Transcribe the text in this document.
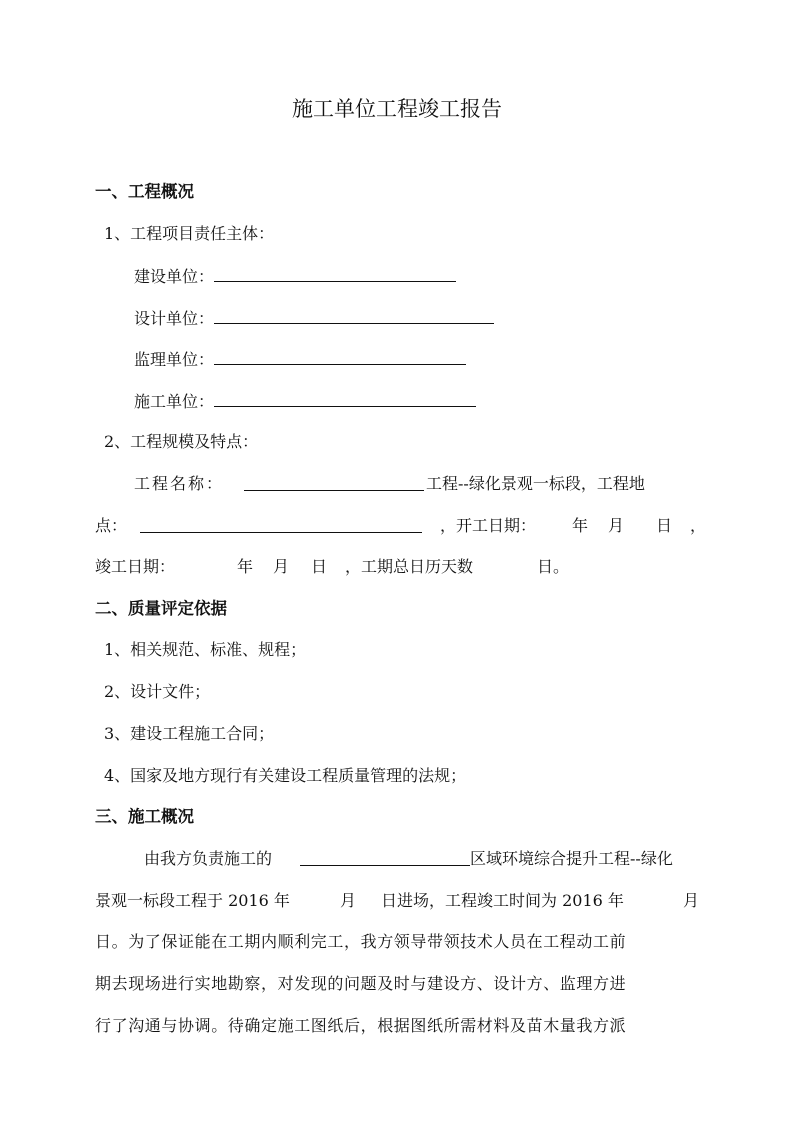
施工单位工程竣工报告
一、工程概况
1、工程项目责任主体：
建设单位：
设计单位：
监理单位：
施工单位：
2、工程规模及特点：
工程名称：	工程--绿化景观一标段，工程地
点：	，开工日期： 年 月 日 ，
竣工日期：	年 月 日 ，工期总日历天数	日。
二、质量评定依据
1、相关规范、标准、规程；
2、设计文件；
3、建设工程施工合同；
4、国家及地方现行有关建设工程质量管理的法规；
三、施工概况
由我方负责施工的	区域环境综合提升工程--绿化
景观一标段工程于 2016 年	月 日进场，工程竣工时间为 2016 年	月
日。为了保证能在工期内顺利完工，我方领导带领技术人员在工程动工前
期去现场进行实地勘察，对发现的问题及时与建设方、设计方、监理方进
行了沟通与协调。待确定施工图纸后，根据图纸所需材料及苗木量我方派
